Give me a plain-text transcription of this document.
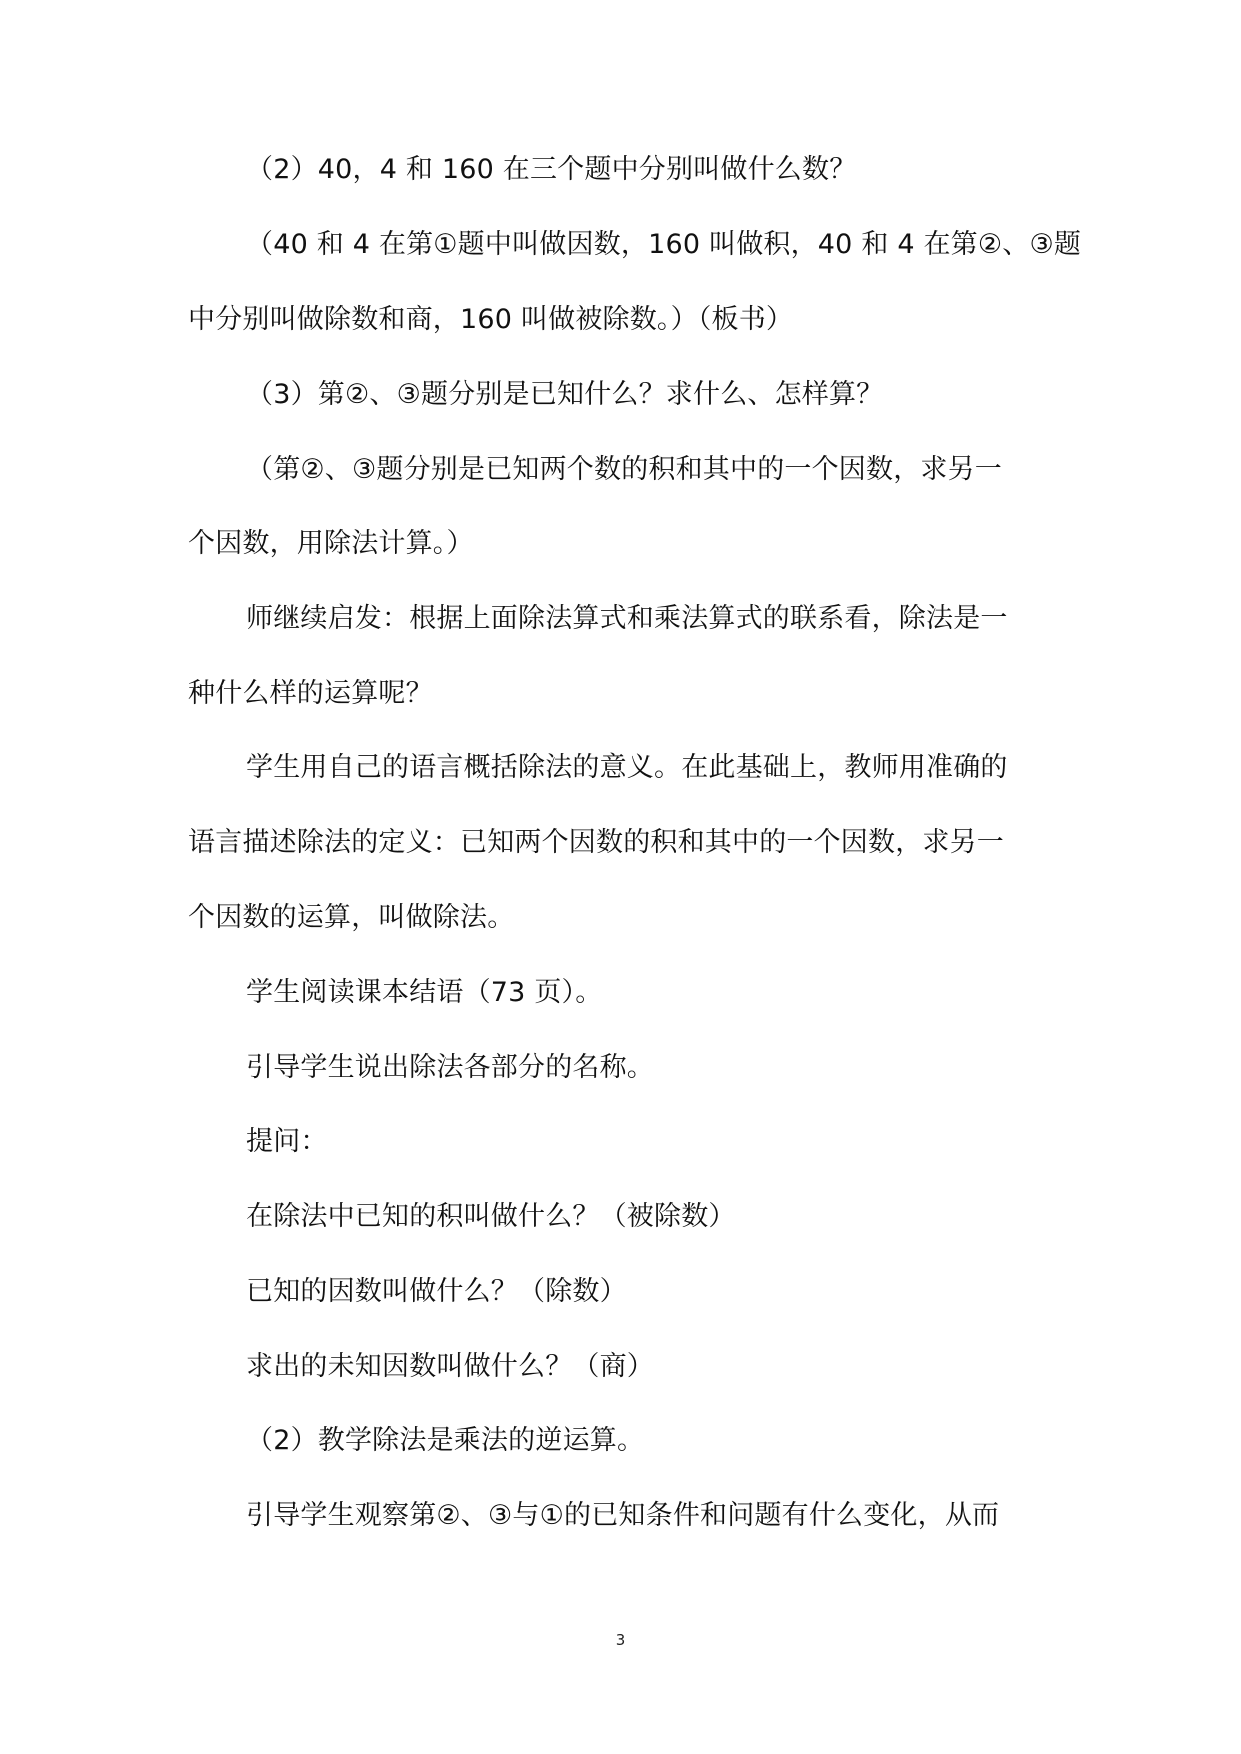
（2）40，4 和 160 在三个题中分别叫做什么数？
（40 和 4 在第①题中叫做因数，160 叫做积，40 和 4 在第②、③题
中分别叫做除数和商，160 叫做被除数。）（板书）
（3）第②、③题分别是已知什么？求什么、怎样算？
（第②、③题分别是已知两个数的积和其中的一个因数，求另一
个因数，用除法计算。）
师继续启发：根据上面除法算式和乘法算式的联系看，除法是一
种什么样的运算呢？
学生用自己的语言概括除法的意义。在此基础上，教师用准确的
语言描述除法的定义：已知两个因数的积和其中的一个因数，求另一
个因数的运算，叫做除法。
学生阅读课本结语（73 页）。
引导学生说出除法各部分的名称。
提问：
在除法中已知的积叫做什么？（被除数）
已知的因数叫做什么？（除数）
求出的未知因数叫做什么？（商）
（2）教学除法是乘法的逆运算。
引导学生观察第②、③与①的已知条件和问题有什么变化，从而
3
